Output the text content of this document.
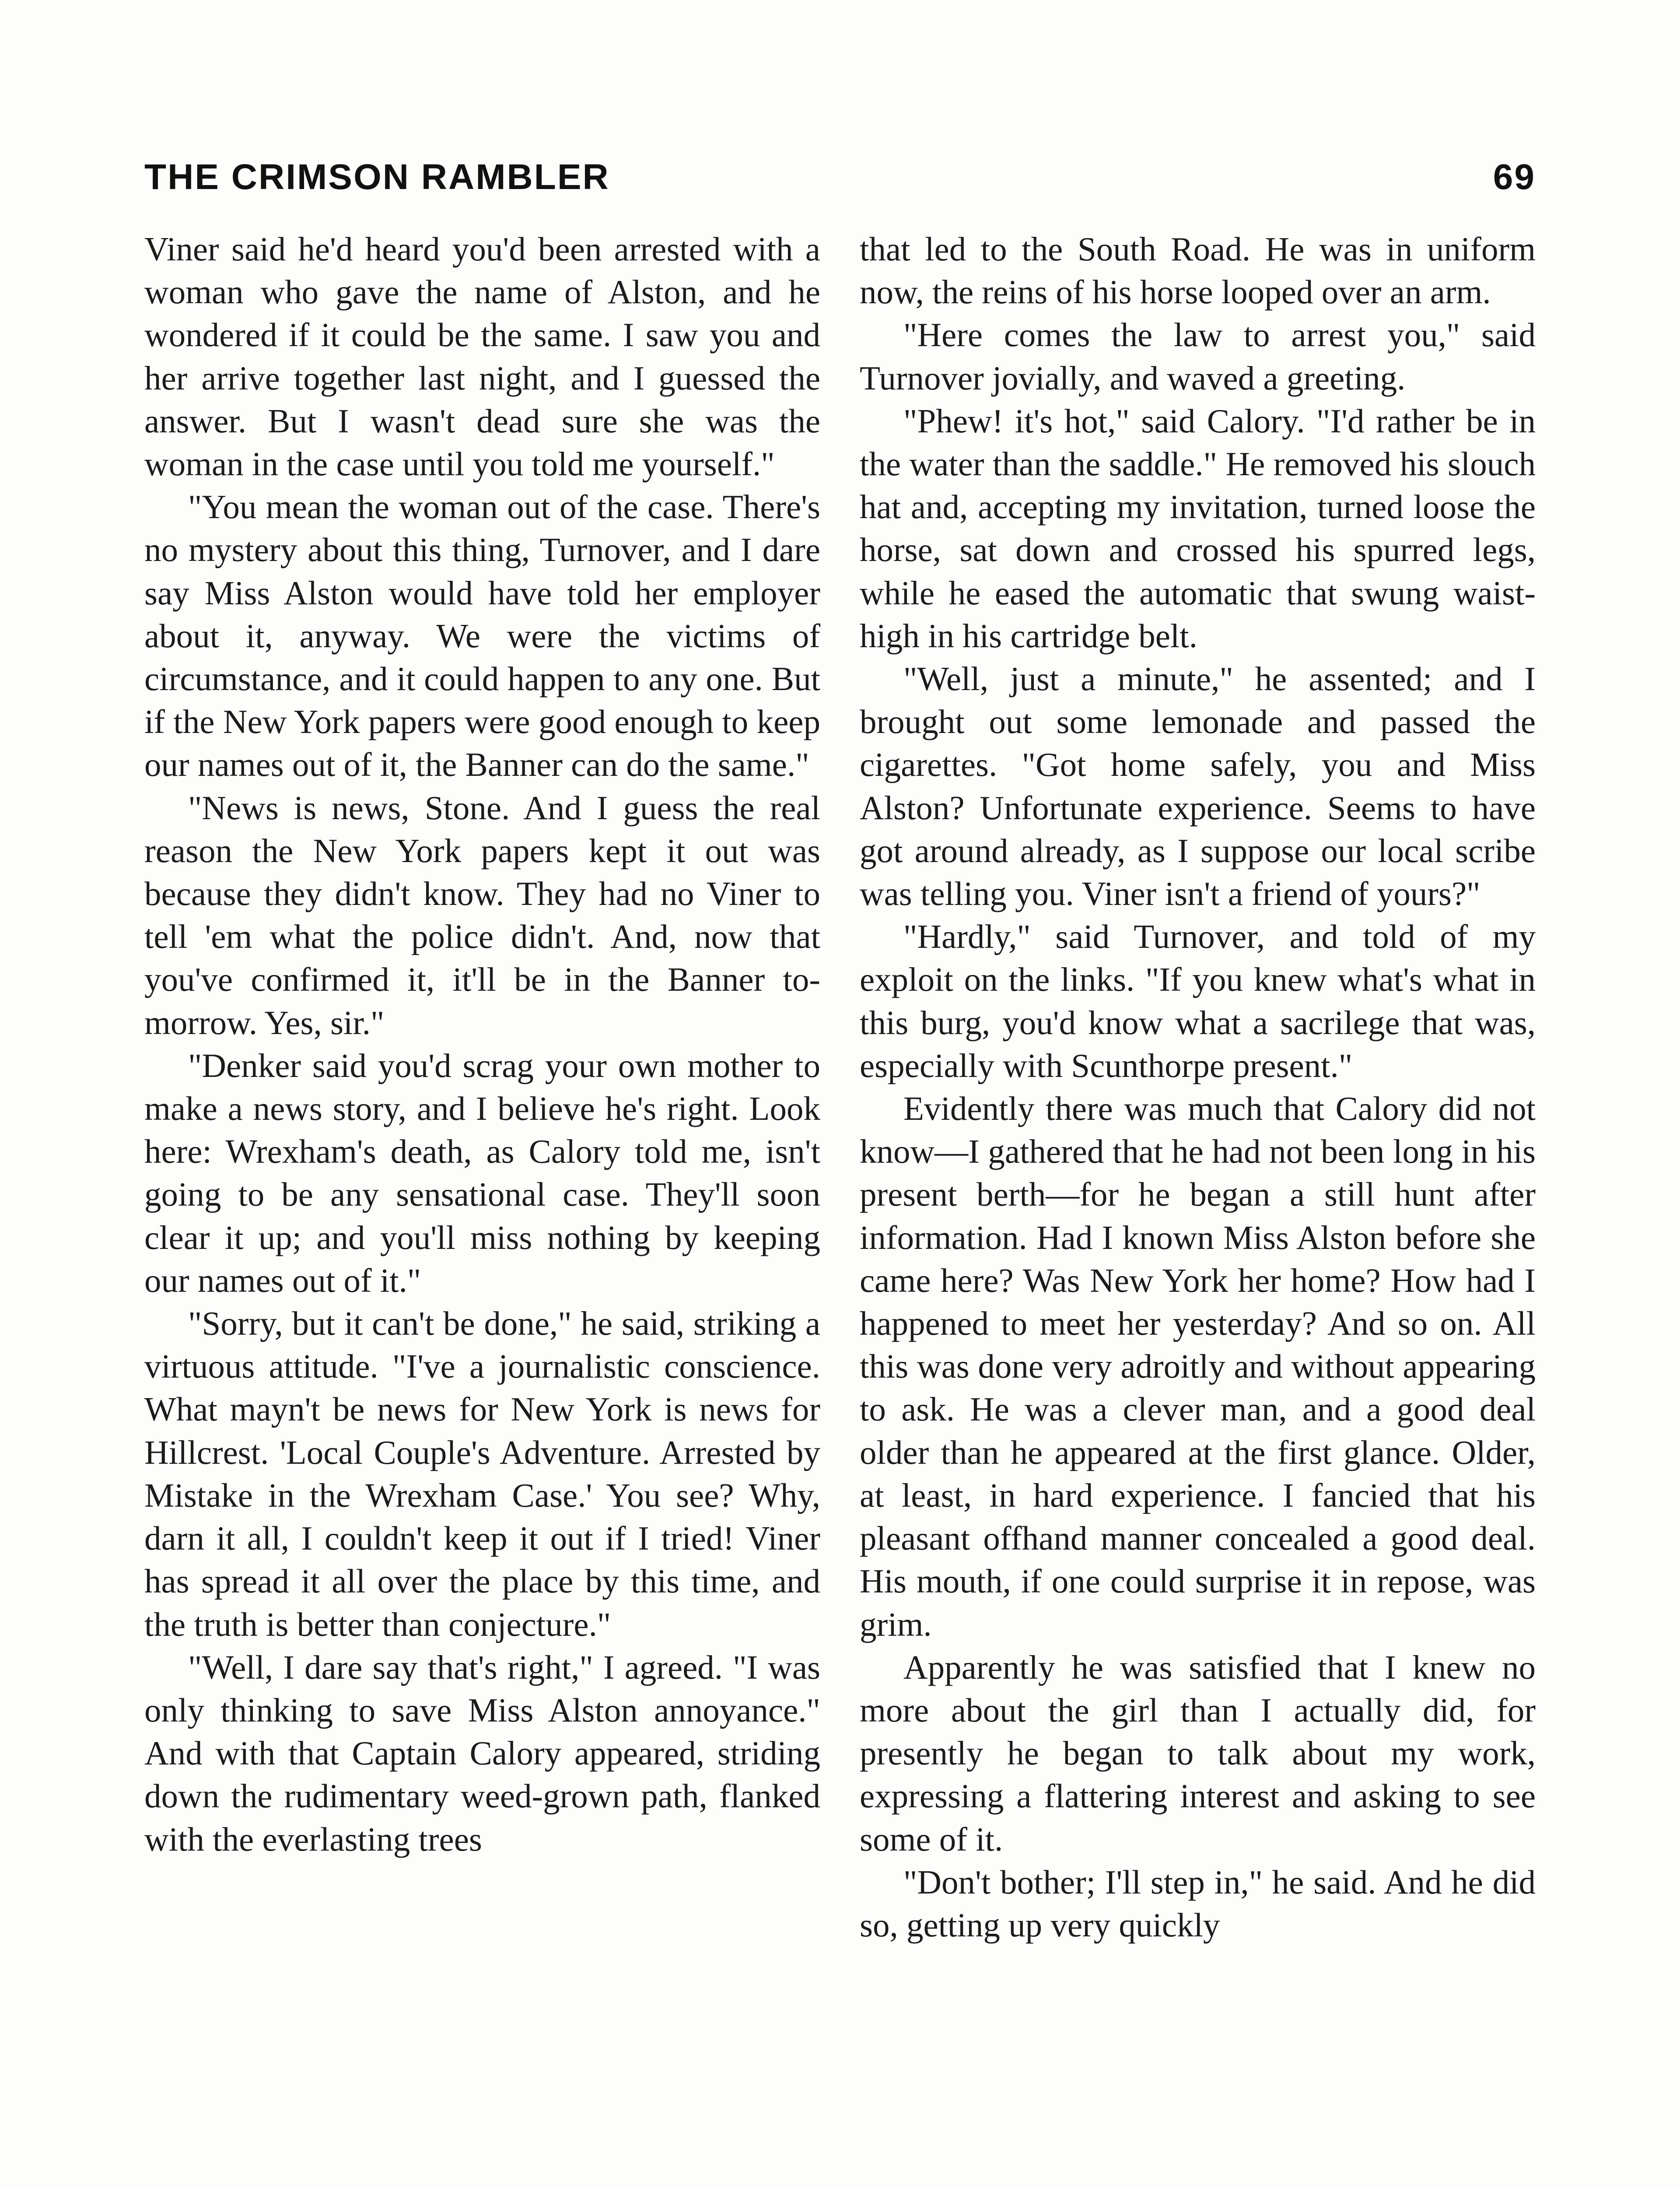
THE CRIMSON RAMBLER	69

Viner said he'd heard you'd been arrested with a woman who gave the name of Alston, and he wondered if it could be the same. I saw you and her arrive together last night, and I guessed the answer. But I wasn't dead sure she was the woman in the case until you told me yourself."

"You mean the woman out of the case. There's no mystery about this thing, Turnover, and I dare say Miss Alston would have told her employer about it, anyway. We were the victims of circumstance, and it could happen to any one. But if the New York papers were good enough to keep our names out of it, the Banner can do the same."

"News is news, Stone. And I guess the real reason the New York papers kept it out was because they didn't know. They had no Viner to tell 'em what the police didn't. And, now that you've confirmed it, it'll be in the Banner to-morrow. Yes, sir."

"Denker said you'd scrag your own mother to make a news story, and I believe he's right. Look here: Wrexham's death, as Calory told me, isn't going to be any sensational case. They'll soon clear it up; and you'll miss nothing by keeping our names out of it."

"Sorry, but it can't be done," he said, striking a virtuous attitude. "I've a journalistic conscience. What mayn't be news for New York is news for Hillcrest. 'Local Couple's Adventure. Arrested by Mistake in the Wrexham Case.' You see? Why, darn it all, I couldn't keep it out if I tried! Viner has spread it all over the place by this time, and the truth is better than conjecture."

"Well, I dare say that's right," I agreed. "I was only thinking to save Miss Alston annoyance." And with that Captain Calory appeared, striding down the rudimentary weed-grown path, flanked with the everlasting trees

that led to the South Road. He was in uniform now, the reins of his horse looped over an arm.

"Here comes the law to arrest you," said Turnover jovially, and waved a greeting.

"Phew! it's hot," said Calory. "I'd rather be in the water than the saddle." He removed his slouch hat and, accepting my invitation, turned loose the horse, sat down and crossed his spurred legs, while he eased the automatic that swung waist-high in his cartridge belt.

"Well, just a minute," he assented; and I brought out some lemonade and passed the cigarettes. "Got home safely, you and Miss Alston? Unfortunate experience. Seems to have got around already, as I suppose our local scribe was telling you. Viner isn't a friend of yours?"

"Hardly," said Turnover, and told of my exploit on the links. "If you knew what's what in this burg, you'd know what a sacrilege that was, especially with Scunthorpe present."

Evidently there was much that Calory did not know—I gathered that he had not been long in his present berth—for he began a still hunt after information. Had I known Miss Alston before she came here? Was New York her home? How had I happened to meet her yesterday? And so on. All this was done very adroitly and without appearing to ask. He was a clever man, and a good deal older than he appeared at the first glance. Older, at least, in hard experience. I fancied that his pleasant offhand manner concealed a good deal. His mouth, if one could surprise it in repose, was grim.

Apparently he was satisfied that I knew no more about the girl than I actually did, for presently he began to talk about my work, expressing a flattering interest and asking to see some of it.

"Don't bother; I'll step in," he said. And he did so, getting up very quickly
